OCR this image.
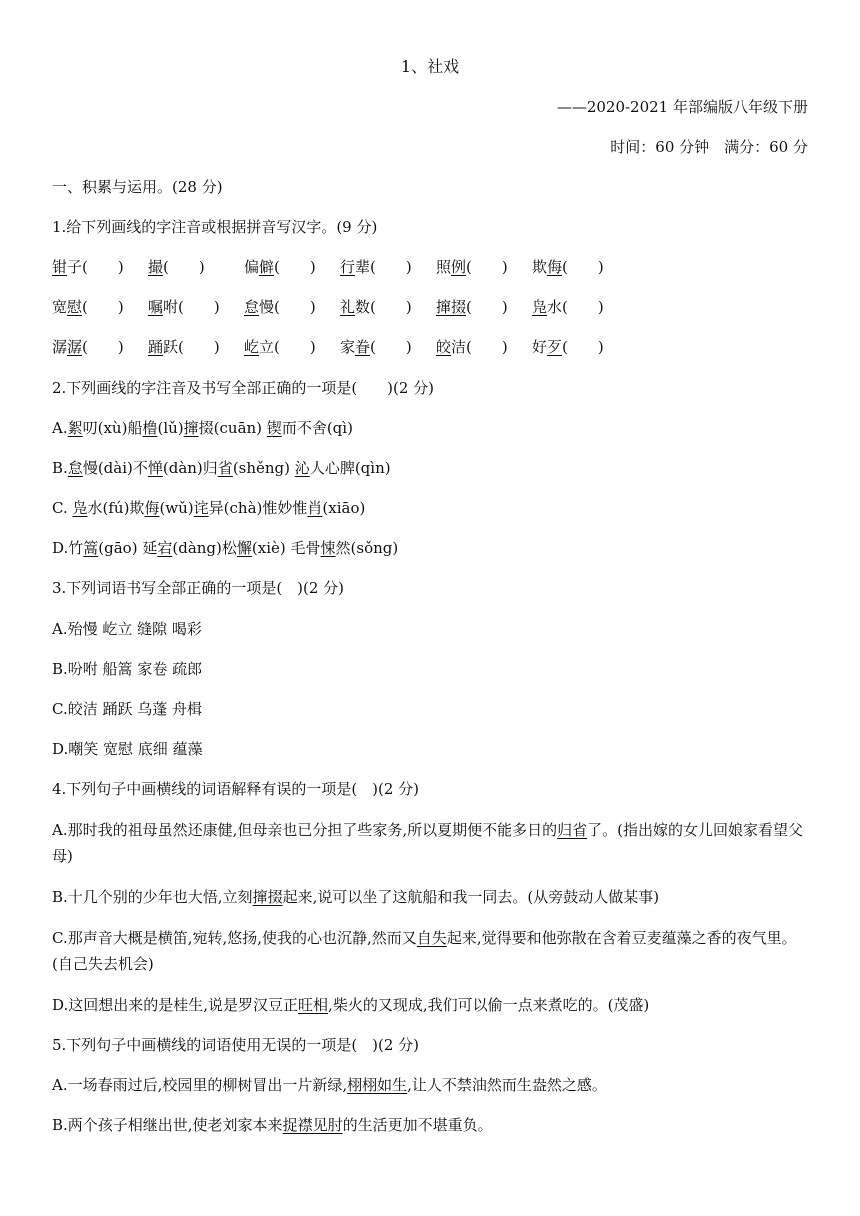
1、社戏
——2020-2021 年部编版八年级下册
时间：60 分钟　满分：60 分
一、积累与运用。(28 分)
1.给下列画线的字注音或根据拼音写汉字。(9 分)
钳子(　　) 撮(　　)	偏僻(　　) 行辈(　　) 照例(　　) 欺侮(　　)
宽慰(　　) 嘱咐(　　) 怠慢(　　) 礼数(　　) 撺掇(　　) 凫水(　　)
潺潺(　　) 踊跃(　　) 屹立(　　) 家眷(　　) 皎洁(　　) 好歹(　　)
2.下列画线的字注音及书写全部正确的一项是(　　)(2 分)
A.絮叨(xù)船橹(lǔ)撺掇(cuān) 锲而不舍(qì)
B.怠慢(dài)不惮(dàn)归省(shěng) 沁人心脾(qìn)
C. 凫水(fú)欺侮(wǔ)诧异(chà)惟妙惟肖(xiāo)
D.竹篙(gāo) 延宕(dàng)松懈(xiè) 毛骨悚然(sǒng)
3.下列词语书写全部正确的一项是(　)(2 分)
A.殆慢 屹立 缝隙 喝彩
B.吩咐 船篙 家卷 疏郎
C.皎洁 踊跃 乌蓬 舟楫
D.嘲笑 宽慰 底细 蕴藻
4.下列句子中画横线的词语解释有误的一项是(　)(2 分)
A.那时我的祖母虽然还康健,但母亲也已分担了些家务,所以夏期便不能多日的归省了。(指出嫁的女儿回娘家看望父母)
B.十几个别的少年也大悟,立刻撺掇起来,说可以坐了这航船和我一同去。(从旁鼓动人做某事)
C.那声音大概是横笛,宛转,悠扬,使我的心也沉静,然而又自失起来,觉得要和他弥散在含着豆麦蕴藻之香的夜气里。(自己失去机会)
D.这回想出来的是桂生,说是罗汉豆正旺相,柴火的又现成,我们可以偷一点来煮吃的。(茂盛)
5.下列句子中画横线的词语使用无误的一项是(　)(2 分)
A.一场春雨过后,校园里的柳树冒出一片新绿,栩栩如生,让人不禁油然而生盎然之感。
B.两个孩子相继出世,使老刘家本来捉襟见肘的生活更加不堪重负。
